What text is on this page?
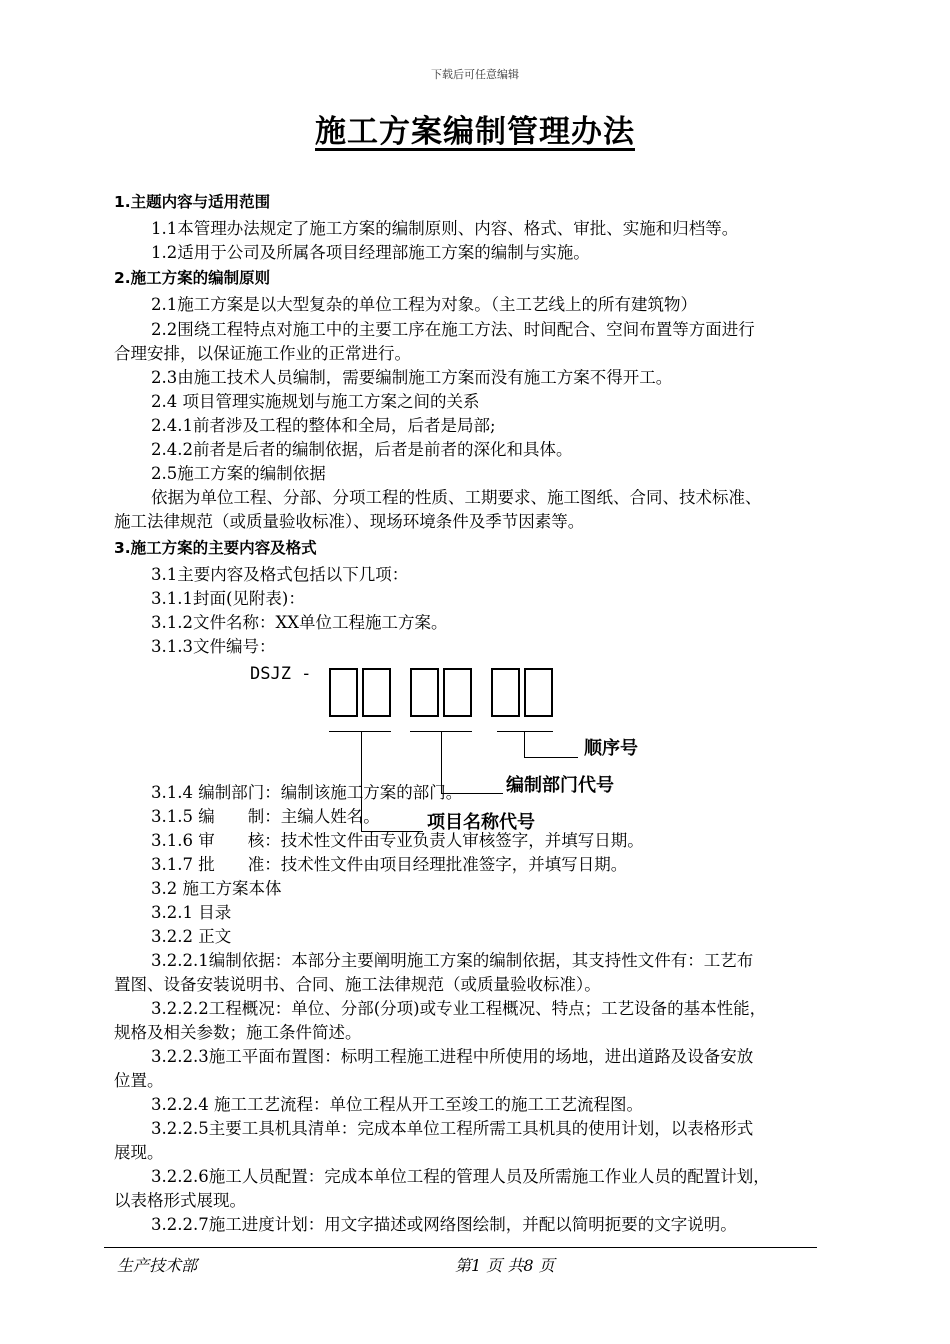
下载后可任意编辑
施工方案编制管理办法
1.主题内容与适用范围
1.1本管理办法规定了施工方案的编制原则、内容、格式、审批、实施和归档等。
1.2适用于公司及所属各项目经理部施工方案的编制与实施。
2.施工方案的编制原则
2.1施工方案是以大型复杂的单位工程为对象。（主工艺线上的所有建筑物）
2.2围绕工程特点对施工中的主要工序在施工方法、时间配合、空间布置等方面进行
合理安排，以保证施工作业的正常进行。
2.3由施工技术人员编制，需要编制施工方案而没有施工方案不得开工。
2.4 项目管理实施规划与施工方案之间的关系
2.4.1前者涉及工程的整体和全局，后者是局部;
2.4.2前者是后者的编制依据，后者是前者的深化和具体。
2.5施工方案的编制依据
依据为单位工程、分部、分项工程的性质、工期要求、施工图纸、合同、技术标准、
施工法律规范（或质量验收标准）、现场环境条件及季节因素等。
3.施工方案的主要内容及格式
3.1主要内容及格式包括以下几项：
3.1.1封面(见附表)：
3.1.2文件名称：XX单位工程施工方案。
3.1.3文件编号：
DSJZ -
顺序号
编制部门代号
3.1.4 编制部门：编制该施工方案的部门。
3.1.5 编　　制：主编人姓名。	项目名称代号
3.1.6 审　　核：技术性文件由专业负责人审核签字，并填写日期。
3.1.7 批　　准：技术性文件由项目经理批准签字，并填写日期。
3.2 施工方案本体
3.2.1 目录
3.2.2 正文
3.2.2.1编制依据：本部分主要阐明施工方案的编制依据，其支持性文件有：工艺布
置图、设备安装说明书、合同、施工法律规范（或质量验收标准）。
3.2.2.2工程概况：单位、分部(分项)或专业工程概况、特点；工艺设备的基本性能，
规格及相关参数；施工条件简述。
3.2.2.3施工平面布置图：标明工程施工进程中所使用的场地，进出道路及设备安放
位置。
3.2.2.4 施工工艺流程：单位工程从开工至竣工的施工工艺流程图。
3.2.2.5主要工具机具清单：完成本单位工程所需工具机具的使用计划，以表格形式
展现。
3.2.2.6施工人员配置：完成本单位工程的管理人员及所需施工作业人员的配置计划，
以表格形式展现。
3.2.2.7施工进度计划：用文字描述或网络图绘制，并配以简明扼要的文字说明。
生产技术部	第1 页 共8 页
